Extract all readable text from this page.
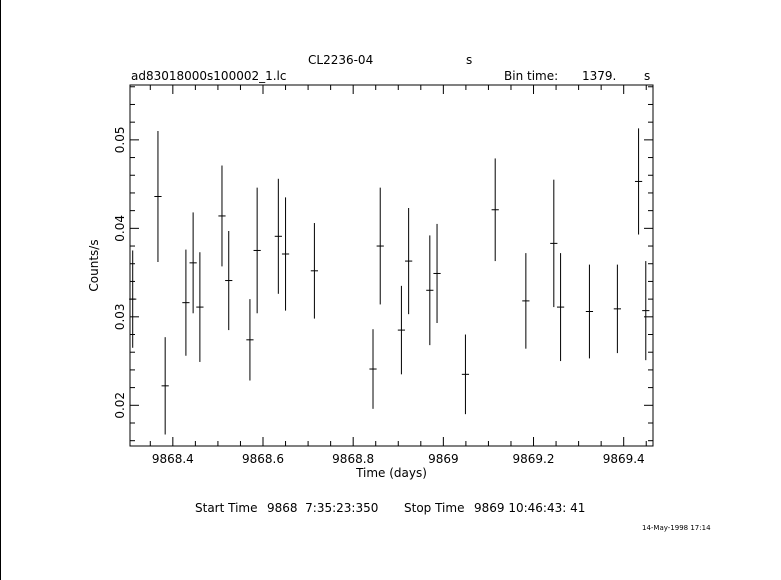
9868.4	9868.6	9868.8	9869	9869.2	9869.4
0.02
0.03
0.04
0.05
Time (days)
Counts/s
CL2236-04	s
ad83018000s100002_1.lc	Bin time: 1379. s
Start Time 9868  7:35:23:350 Stop Time 9869 10:46:43: 41
14-May-1998 17:14
